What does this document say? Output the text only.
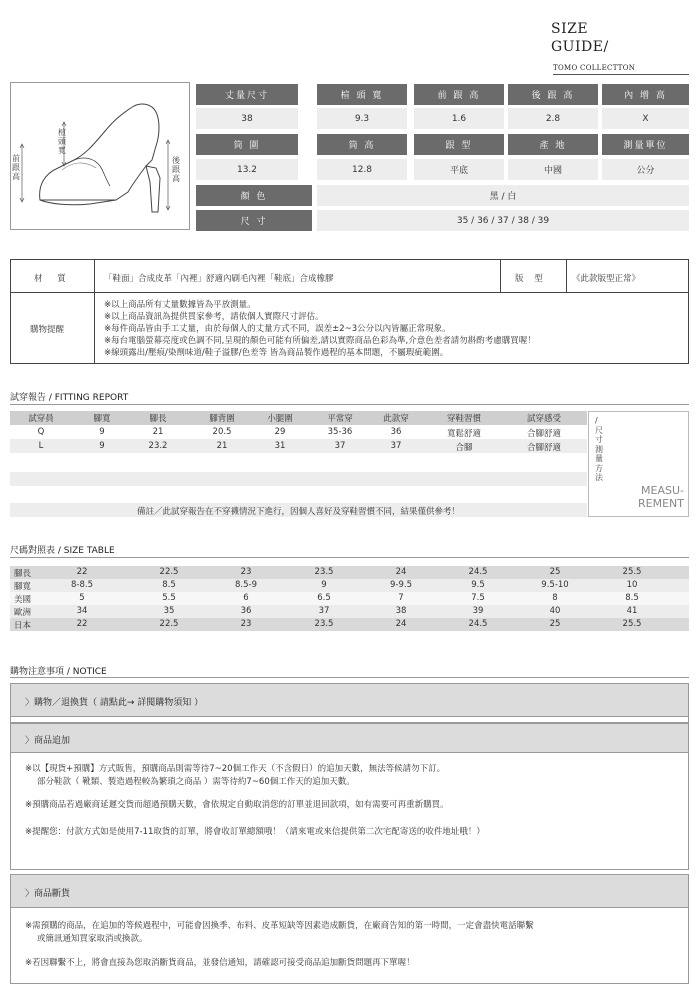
SIZE
GUIDE/
TOMO COLLECTTON
楦頭寬
前跟高
後跟高
丈量尺寸	楦 頭 寬	前 跟 高	後 跟 高	內 增 高
38	9.3	1.6	2.8	X
筒 圍	筒 高	跟 型	產 地	測量單位
13.2	12.8	平底	中國	公分
顏 色	黑 / 白
尺 寸	35 / 36 / 37 / 38 / 39
材 質	「鞋面」合成皮革「內裡」舒適內刷毛內裡「鞋底」合成橡膠	版 型	《此款版型正常》
購物提醒
※以上商品所有丈量數據皆為平放測量。
※以上商品資訊為提供買家參考，請依個人實際尺寸評估。
※每件商品皆由手工丈量，由於每個人的丈量方式不同，誤差±2~3公分以內皆屬正常現象。
※每台電腦螢幕亮度或色調不同,呈現的顏色可能有所偏差,請以實際商品色彩為準,介意色差者請勿斟酌考慮購買喔！
※線頭露出/壓痕/染劑味道/鞋子溢膠/色差等 皆為商品製作過程的基本問題，不屬瑕疵範圍。
試穿報告 / FITTING REPORT
試穿員	腳寬	腳長	腳背圍	小腿圍	平常穿	此款穿	穿鞋習慣	試穿感受
Q	9	21	20.5	29	35-36	36	寬鬆舒適	合腳舒適
L	9	23.2	21	31	37	37	合腳	合腳舒適
備註／此試穿報告在不穿襪情況下進行，因個人喜好及穿鞋習慣不同，結果僅供參考！
/尺寸測量方法
MEASU-
REMENT
尺碼對照表 / SIZE TABLE
腳長	22	22.5	23	23.5	24	24.5	25	25.5
腳寬	8-8.5	8.5	8.5-9	9	9-9.5	9.5	9.5-10	10
美國	5	5.5	6	6.5	7	7.5	8	8.5
歐洲	34	35	36	37	38	39	40	41
日本	22	22.5	23	23.5	24	24.5	25	25.5
購物注意事項 / NOTICE
〉購物／退換貨（ 請點此→ 詳閱購物須知 ）
〉商品追加
※以【現貨+預購】方式販售，預購商品則需等待7~20個工作天（不含假日）的追加天數，無法等候請勿下訂。
部分鞋款（ 靴類、製造過程較為繁瑣之商品 ）需等待約7~60個工作天的追加天數。
※預購商品若過廠商延遲交貨而超過預購天數，會依規定自動取消您的訂單並退回款項，如有需要可再重新購買。
※提醒您：付款方式如是使用7-11取貨的訂單，將會收訂單總額哦！（請來電或來信提供第二次宅配寄送的收件地址哦！）
〉商品斷貨
※需預購的商品，在追加的等候過程中，可能會因換季、布料、皮革短缺等因素造成斷貨，在廠商告知的第一時間，一定會盡快電話聯繫
或簡訊通知買家取消或換款。
※若因聯繫不上，將會直接為您取消斷貨商品，並發信通知，請確認可接受商品追加斷貨問題再下單喔！
